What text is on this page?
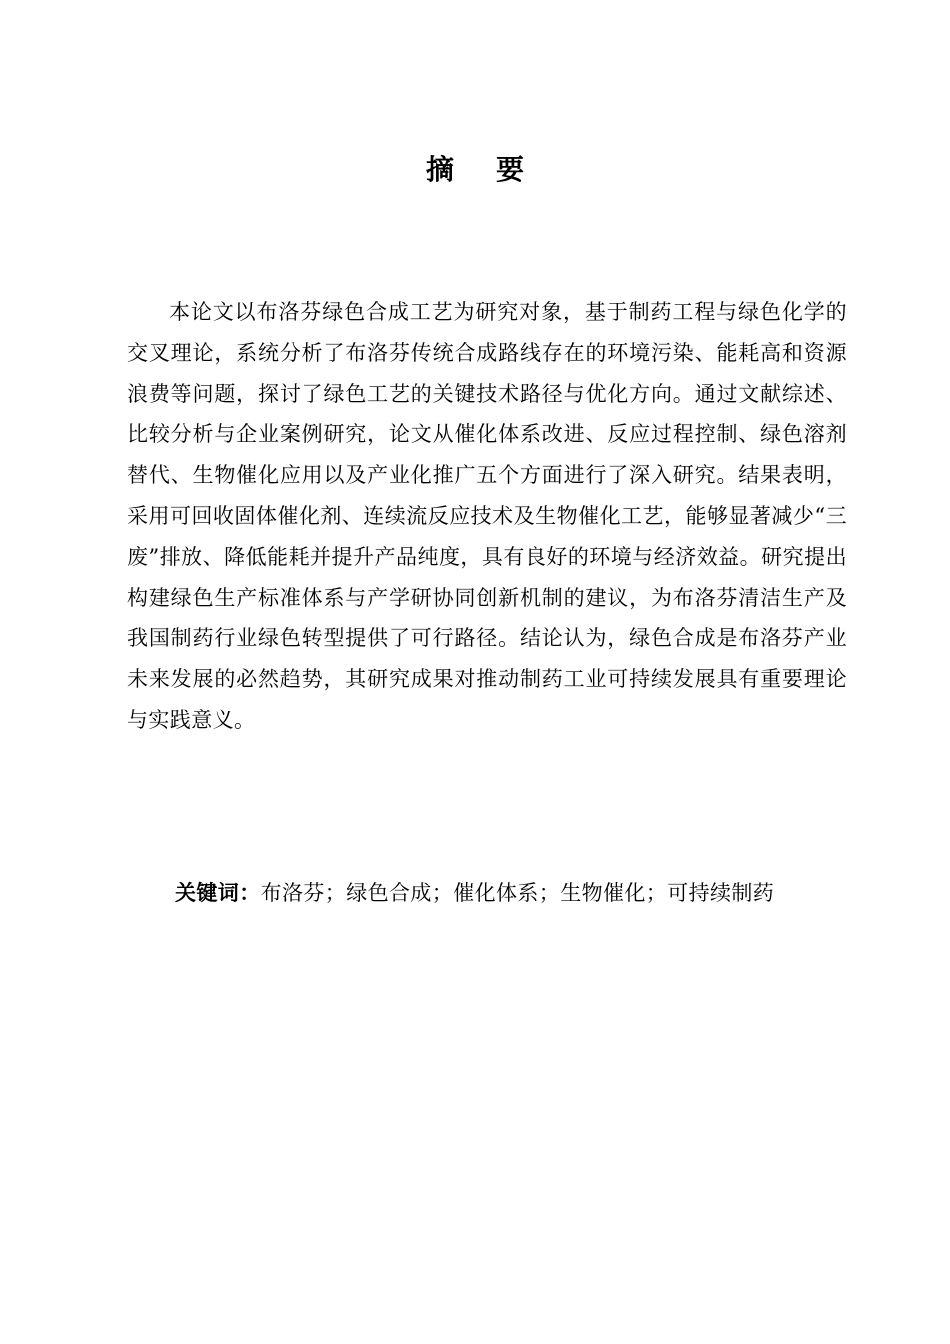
摘 要

本论文以布洛芬绿色合成工艺为研究对象，基于制药工程与绿色化学的交叉理论，系统分析了布洛芬传统合成路线存在的环境污染、能耗高和资源浪费等问题，探讨了绿色工艺的关键技术路径与优化方向。通过文献综述、比较分析与企业案例研究，论文从催化体系改进、反应过程控制、绿色溶剂替代、生物催化应用以及产业化推广五个方面进行了深入研究。结果表明，采用可回收固体催化剂、连续流反应技术及生物催化工艺，能够显著减少“三废”排放、降低能耗并提升产品纯度，具有良好的环境与经济效益。研究提出构建绿色生产标准体系与产学研协同创新机制的建议，为布洛芬清洁生产及我国制药行业绿色转型提供了可行路径。结论认为，绿色合成是布洛芬产业未来发展的必然趋势，其研究成果对推动制药工业可持续发展具有重要理论与实践意义。

关键词：布洛芬；绿色合成；催化体系；生物催化；可持续制药
